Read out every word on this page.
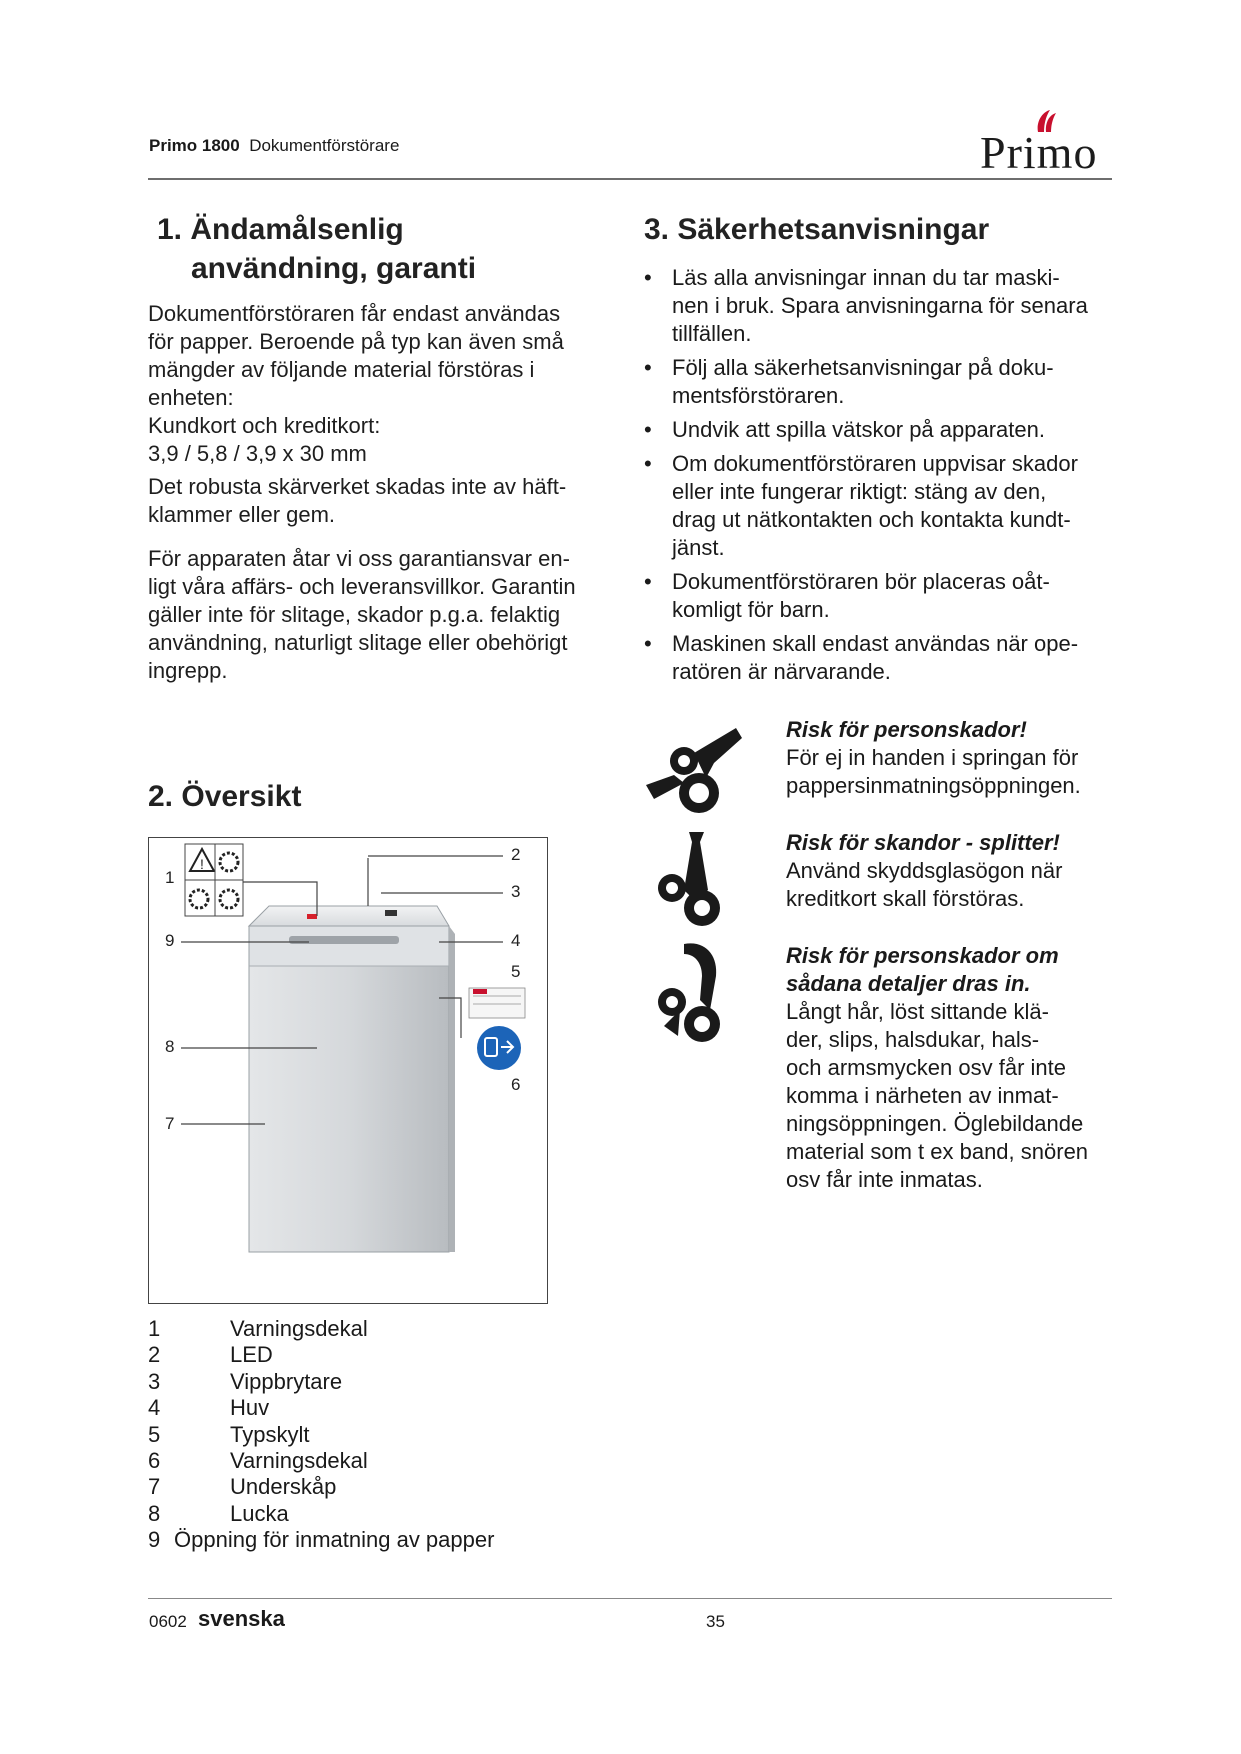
Primo 1800 Dokumentförstörare	Primo
1. Ändamålsenlig
användning, garanti

Dokumentförstöraren får endast användas

för papper. Beroende på typ kan även små

mängder av följande material förstöras i

enheten:

Kundkort och kreditkort:

3,9 / 5,8 / 3,9 x 30 mm

Det robusta skärverket skadas inte av häft-

klammer eller gem.

För apparaten åtar vi oss garantiansvar en-

ligt våra affärs- och leveransvillkor. Garantin

gäller inte för slitage, skador p.g.a. felaktig

användning, naturligt slitage eller obehörigt

ingrepp.

2. Översikt
!
1
2
3
4
5
6
7
8
9
1	Varningsdekal
2	LED
3	Vippbrytare
4	Huv
5	Typskylt
6	Varningsdekal
7	Underskåp
8	Lucka
9 Öppning för inmatning av papper
3. Säkerhetsanvisningar
• Läs alla anvisningar innan du tar maski-
nen i bruk. Spara anvisningarna för senara
tillfällen.
• Följ alla säkerhetsanvisningar på doku-
mentsförstöraren.
• Undvik att spilla vätskor på apparaten.
• Om dokumentförstöraren uppvisar skador
eller inte fungerar riktigt: stäng av den,
drag ut nätkontakten och kontakta kundt-
jänst.
• Dokumentförstöraren bör placeras oåt-
komligt för barn.
• Maskinen skall endast användas när ope-
ratören är närvarande.
Risk för personskador!
För ej in handen i springan för
pappersinmatningsöppningen.
Risk för skandor - splitter!
Använd skyddsglasögon när
kreditkort skall förstöras.
Risk för personskador om
sådana detaljer dras in.
Långt hår, löst sittande klä-
der, slips, halsdukar, hals-
och armsmycken osv får inte
komma i närheten av inmat-
ningsöppningen. Öglebildande
material som t ex band, snören
osv får inte inmatas.
0602 svenska	35
